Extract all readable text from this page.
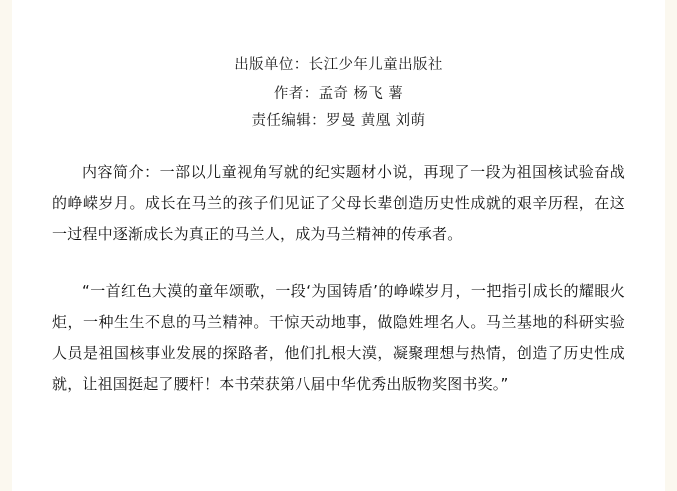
出版单位：长江少年儿童出版社
作者：孟奇 杨飞 薯
责任编辑：罗曼 黄凰 刘萌

内容简介：一部以儿童视角写就的纪实题材小说，再现了一段为祖国核试验奋战的峥嵘岁月。成长在马兰的孩子们见证了父母长辈创造历史性成就的艰辛历程，在这一过程中逐渐成长为真正的马兰人，成为马兰精神的传承者。

“一首红色大漠的童年颂歌，一段‘为国铸盾’的峥嵘岁月，一把指引成长的耀眼火炬，一种生生不息的马兰精神。干惊天动地事，做隐姓埋名人。马兰基地的科研实验人员是祖国核事业发展的探路者，他们扎根大漠，凝聚理想与热情，创造了历史性成就，让祖国挺起了腰杆！本书荣获第八届中华优秀出版物奖图书奖。”
